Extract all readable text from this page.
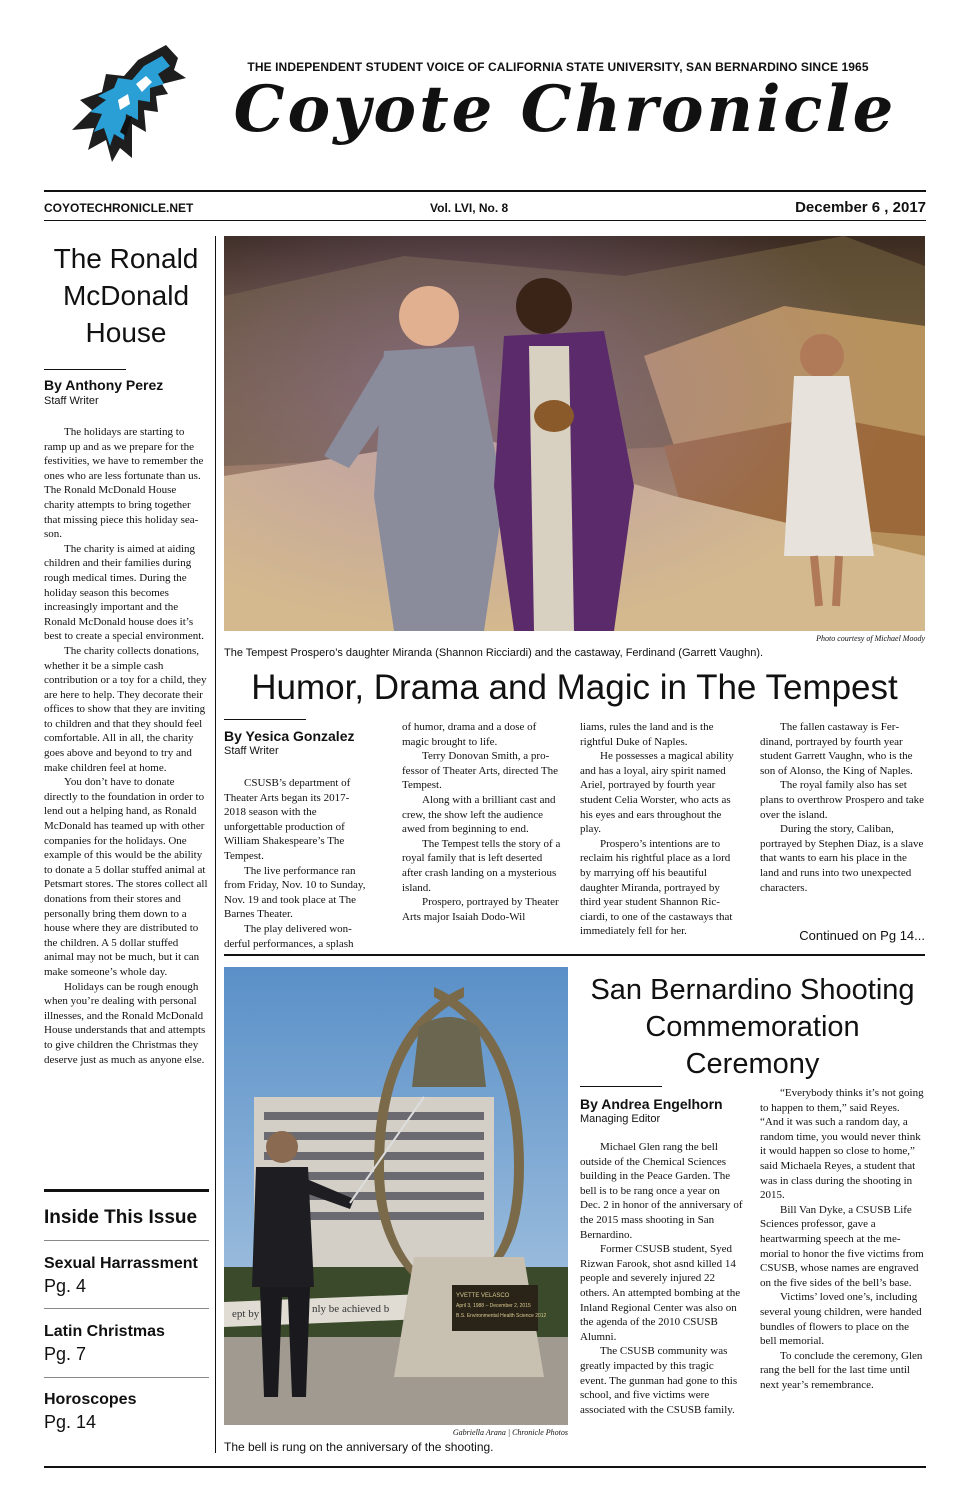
THE INDEPENDENT STUDENT VOICE OF CALIFORNIA STATE UNIVERSITY, SAN BERNARDINO SINCE 1965
Coyote Chronicle
COYOTECHRONICLE.NET	Vol. LVI, No. 8	December 6 , 2017
The Ronald McDonald House
By Anthony Perez
Staff Writer

The holidays are starting to ramp up and as we prepare for the festivities, we have to remember the ones who are less fortunate than us. The Ronald McDonald House charity attempts to bring together that missing piece this holiday season.

The charity is aimed at aiding children and their families during rough medical times. During the holiday season this becomes increasingly important and the Ronald McDonald house does it’s best to create a special environment.

The charity collects donations, whether it be a simple cash contribution or a toy for a child, they are here to help. They decorate their offices to show that they are inviting to children and that they should feel comfortable. All in all, the charity goes above and beyond to try and make children feel at home.

You don’t have to donate directly to the foundation in order to lend out a helping hand, as Ronald McDonald has teamed up with other companies for the holidays. One example of this would be the ability to donate a 5 dollar stuffed animal at Petsmart stores. The stores collect all donations from their stores and personally bring them down to a house where they are distributed to the children. A 5 dollar stuffed animal may not be much, but it can make someone’s whole day.

Holidays can be rough enough when you’re dealing with personal illnesses, and the Ronald McDonald House understands that and attempts to give children the Christmas they deserve just as much as anyone else.

Inside This Issue
Sexual Harrassment
Pg. 4
Latin Christmas
Pg. 7
Horoscopes
Pg. 14
Photo courtesy of Michael Moody
The Tempest Prospero’s daughter Miranda (Shannon Ricciardi) and the castaway, Ferdinand (Garrett Vaughn).
Humor, Drama and Magic in The Tempest
By Yesica Gonzalez
Staff Writer

CSUSB’s department of Theater Arts began its 2017-2018 season with the unforgettable production of William Shakespeare’s The Tempest.

The live performance ran from Friday, Nov. 10 to Sunday, Nov. 19 and took place at The Barnes Theater.

The play delivered wonderful performances, a splash

of humor, drama and a dose of magic brought to life.

Terry Donovan Smith, a professor of Theater Arts, directed The Tempest.

Along with a brilliant cast and crew, the show left the audience awed from beginning to end.

The Tempest tells the story of a royal family that is left deserted after crash landing on a mysterious island.

Prospero, portrayed by Theater Arts major Isaiah Dodo-Wil

liams, rules the land and is the rightful Duke of Naples.

He possesses a magical ability and has a loyal, airy spirit named Ariel, portrayed by fourth year student Celia Worster, who acts as his eyes and ears throughout the play.

Prospero’s intentions are to reclaim his rightful place as a lord by marrying off his beautiful daughter Miranda, portrayed by third year student Shannon Ricciardi, to one of the castaways that immediately fell for her.

The fallen castaway is Ferdinand, portrayed by fourth year student Garrett Vaughn, who is the son of Alonso, the King of Naples.

The royal family also has set plans to overthrow Prospero and take over the island.

During the story, Caliban, portrayed by Stephen Diaz, is a slave that wants to earn his place in the land and runs into two unexpected characters.

Continued on Pg 14...
ept by	nly be achieved b
YVETTE VELASCO
April 3, 1988 – December 2, 2015
B.S. Environmental Health Science 2012
Gabriella Arana | Chronicle Photos
The bell is rung on the anniversary of the shooting.
San Bernardino Shooting Commemoration Ceremony
By Andrea Engelhorn
Managing Editor

Michael Glen rang the bell outside of the Chemical Sciences building in the Peace Garden. The bell is to be rang once a year on Dec. 2 in honor of the anniversary of the 2015 mass shooting in San Bernardino.

Former CSUSB student, Syed Rizwan Farook, shot asnd killed 14 people and severely injured 22 others. An attempted bombing at the Inland Regional Center was also on the agenda of the 2010 CSUSB Alumni.

The CSUSB community was greatly impacted by this tragic event. The gunman had gone to this school, and five victims were associated with the CSUSB family.

“Everybody thinks it’s not going to happen to them,” said Reyes. “And it was such a random day, a random time, you would never think it would happen so close to home,” said Michaela Reyes, a student that was in class during the shooting in 2015.

Bill Van Dyke, a CSUSB Life Sciences professor, gave a heartwarming speech at the memorial to honor the five victims from CSUSB, whose names are engraved on the five sides of the bell’s base.

Victims’ loved one’s, including several young children, were handed bundles of flowers to place on the bell memorial.

To conclude the ceremony, Glen rang the bell for the last time until next year’s remembrance.
